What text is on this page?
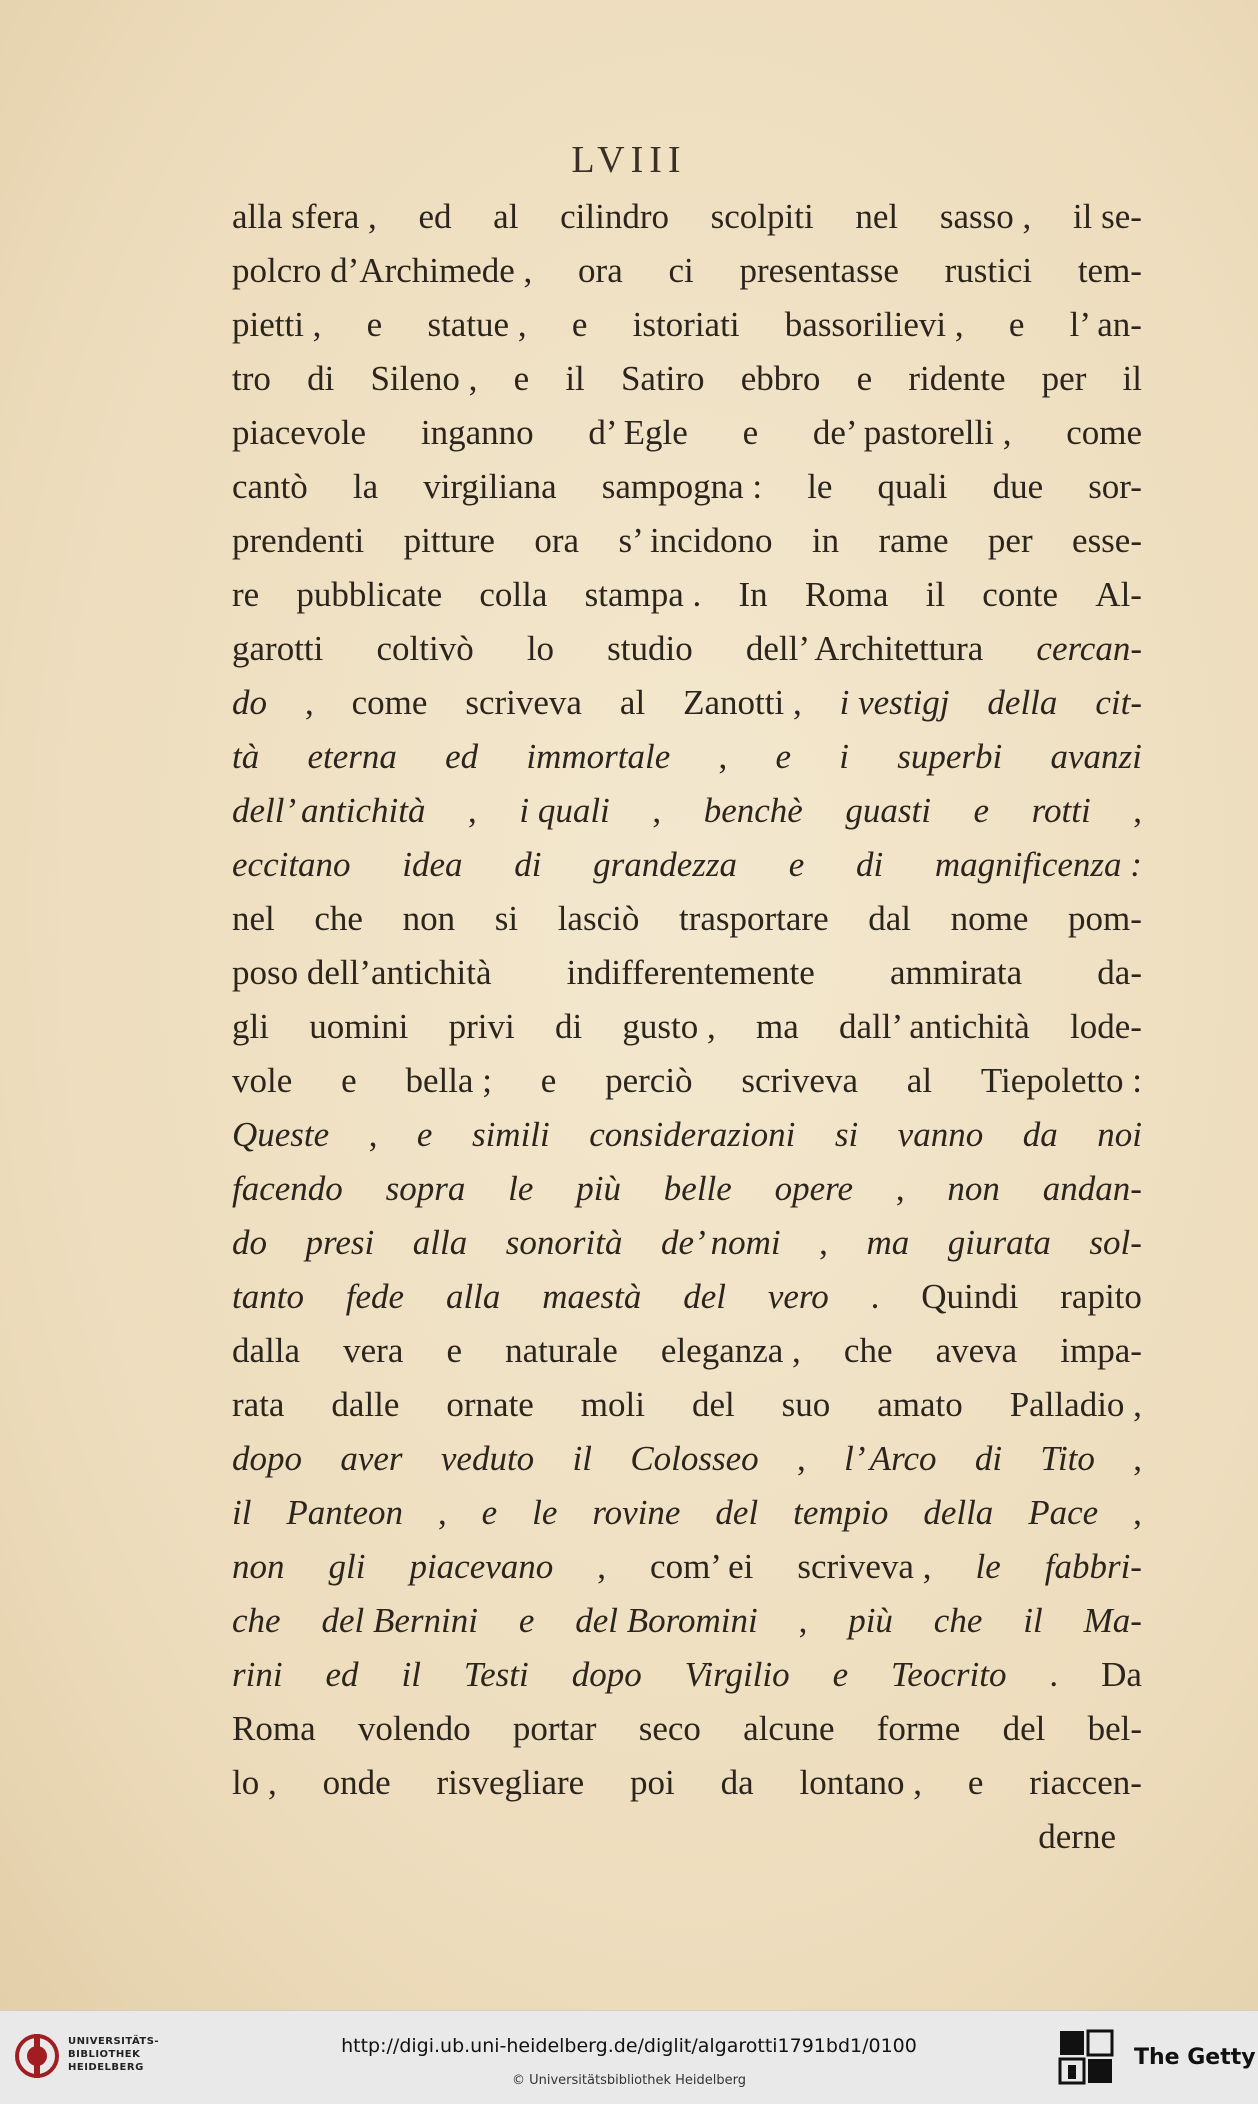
LVIII
alla sfera , ed al cilindro scolpiti nel sasso , il se-
polcro d’Archimede , ora ci presentasse rustici tem-
pietti , e statue , e istoriati bassorilievi , e l’ an-
tro di Sileno , e il Satiro ebbro e ridente per il
piacevole inganno d’ Egle e de’ pastorelli , come
cantò la virgiliana sampogna : le quali due sor-
prendenti pitture ora s’ incidono in rame per esse-
re pubblicate colla stampa . In Roma il conte Al-
garotti coltivò lo studio dell’ Architettura cercan-
do , come scriveva al Zanotti , i vestigj della cit-
tà eterna ed immortale , e i superbi avanzi
dell’ antichità , i quali , benchè guasti e rotti ,
eccitano idea di grandezza e di magnificenza :
nel che non si lasciò trasportare dal nome pom-
poso dell’antichità indifferentemente ammirata da-
gli uomini privi di gusto , ma dall’ antichità lode-
vole e bella ; e perciò scriveva al Tiepoletto :
Queste , e simili considerazioni si vanno da noi
facendo sopra le più belle opere , non andan-
do presi alla sonorità de’ nomi , ma giurata sol-
tanto fede alla maestà del vero . Quindi rapito
dalla vera e naturale eleganza , che aveva impa-
rata dalle ornate moli del suo amato Palladio ,
dopo aver veduto il Colosseo , l’ Arco di Tito ,
il Panteon , e le rovine del tempio della Pace ,
non gli piacevano , com’ ei scriveva , le fabbri-
che del Bernini e del Boromini , più che il Ma-
rini ed il Testi dopo Virgilio e Teocrito . Da
Roma volendo portar seco alcune forme del bel-
lo , onde risvegliare poi da lontano , e riaccen-
derne
UNIVERSITÄTS-
BIBLIOTHEK
HEIDELBERG
http://digi.ub.uni-heidelberg.de/diglit/algarotti1791bd1/0100
© Universitätsbibliothek Heidelberg
The Getty
